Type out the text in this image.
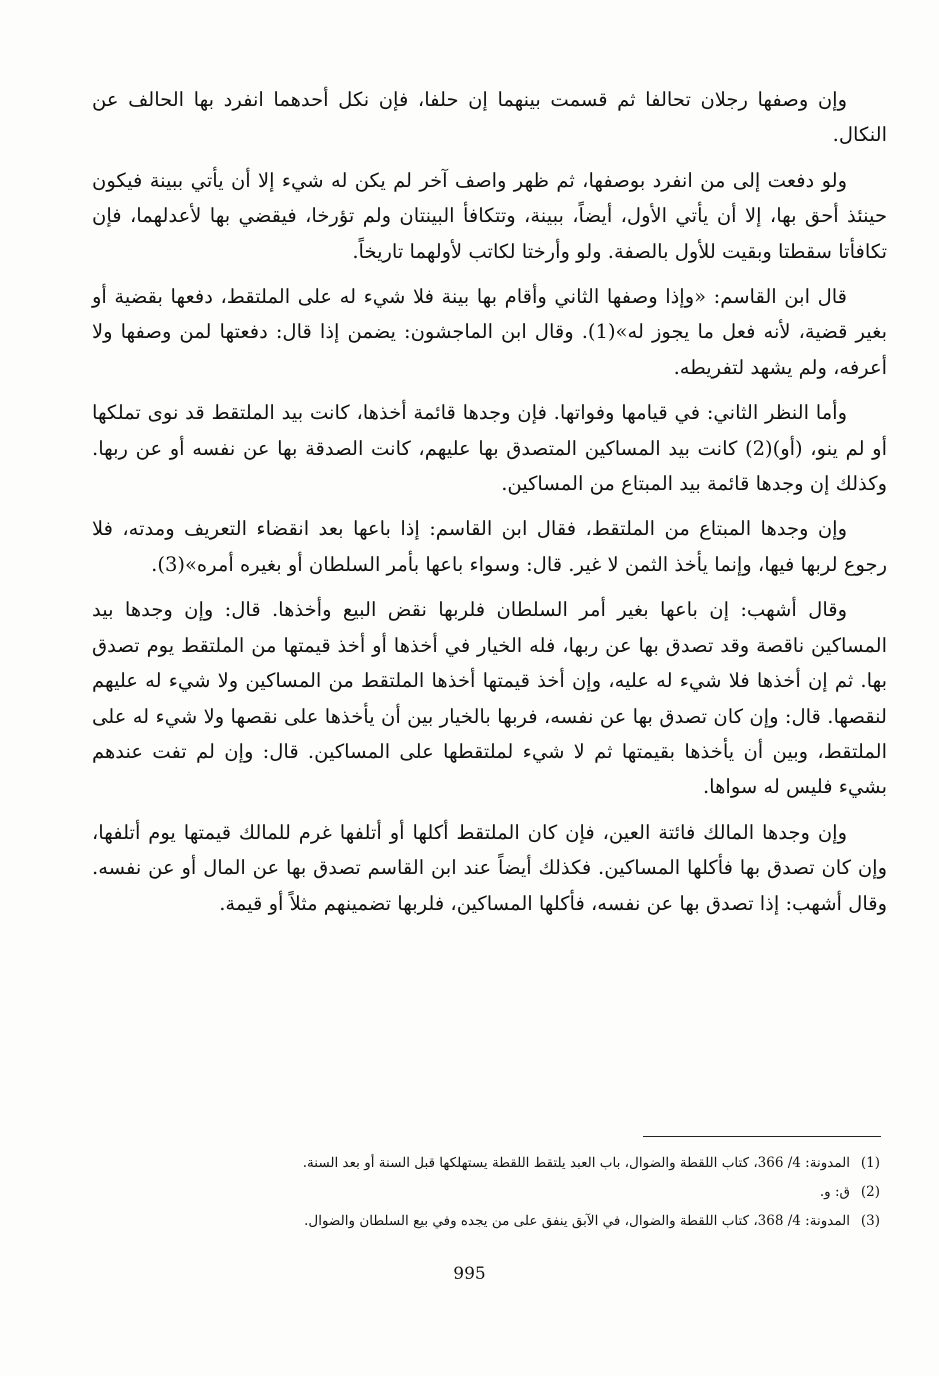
وإن وصفها رجلان تحالفا ثم قسمت بينهما إن حلفا، فإن نكل أحدهما انفرد بها الحالف عن النكال.

ولو دفعت إلى من انفرد بوصفها، ثم ظهر واصف آخر لم يكن له شيء إلا أن يأتي ببينة فيكون حينئذ أحق بها، إلا أن يأتي الأول، أيضاً، ببينة، وتتكافأ البينتان ولم تؤرخا، فيقضي بها لأعدلهما، فإن تكافأتا سقطتا وبقيت للأول بالصفة. ولو وأرختا لكاتب لأولهما تاريخاً.

قال ابن القاسم: «وإذا وصفها الثاني وأقام بها بينة فلا شيء له على الملتقط، دفعها بقضية أو بغير قضية، لأنه فعل ما يجوز له»(1). وقال ابن الماجشون: يضمن إذا قال: دفعتها لمن وصفها ولا أعرفه، ولم يشهد لتفريطه.

وأما النظر الثاني: في قيامها وفواتها. فإن وجدها قائمة أخذها، كانت بيد الملتقط قد نوى تملكها أو لم ينو، (أو)(2) كانت بيد المساكين المتصدق بها عليهم، كانت الصدقة بها عن نفسه أو عن ربها. وكذلك إن وجدها قائمة بيد المبتاع من المساكين.

وإن وجدها المبتاع من الملتقط، فقال ابن القاسم: إذا باعها بعد انقضاء التعريف ومدته، فلا رجوع لربها فيها، وإنما يأخذ الثمن لا غير. قال: وسواء باعها بأمر السلطان أو بغيره أمره»(3).

وقال أشهب: إن باعها بغير أمر السلطان فلربها نقض البيع وأخذها. قال: وإن وجدها بيد المساكين ناقصة وقد تصدق بها عن ربها، فله الخيار في أخذها أو أخذ قيمتها من الملتقط يوم تصدق بها. ثم إن أخذها فلا شيء له عليه، وإن أخذ قيمتها أخذها الملتقط من المساكين ولا شيء له عليهم لنقصها. قال: وإن كان تصدق بها عن نفسه، فربها بالخيار بين أن يأخذها على نقصها ولا شيء له على الملتقط، وبين أن يأخذها بقيمتها ثم لا شيء لملتقطها على المساكين. قال: وإن لم تفت عندهم بشيء فليس له سواها.

وإن وجدها المالك فائتة العين، فإن كان الملتقط أكلها أو أتلفها غرم للمالك قيمتها يوم أتلفها، وإن كان تصدق بها فأكلها المساكين. فكذلك أيضاً عند ابن القاسم تصدق بها عن المال أو عن نفسه. وقال أشهب: إذا تصدق بها عن نفسه، فأكلها المساكين، فلربها تضمينهم مثلاً أو قيمة.

(1)
المدونة: 4/ 366، كتاب اللقطة والضوال، باب العبد يلتقط اللقطة يستهلكها قبل السنة أو بعد السنة.
(2)
ق: و.
(3)
المدونة: 4/ 368، كتاب اللقطة والضوال، في الآبق ينفق على من يجده وفي بيع السلطان والضوال.
995
